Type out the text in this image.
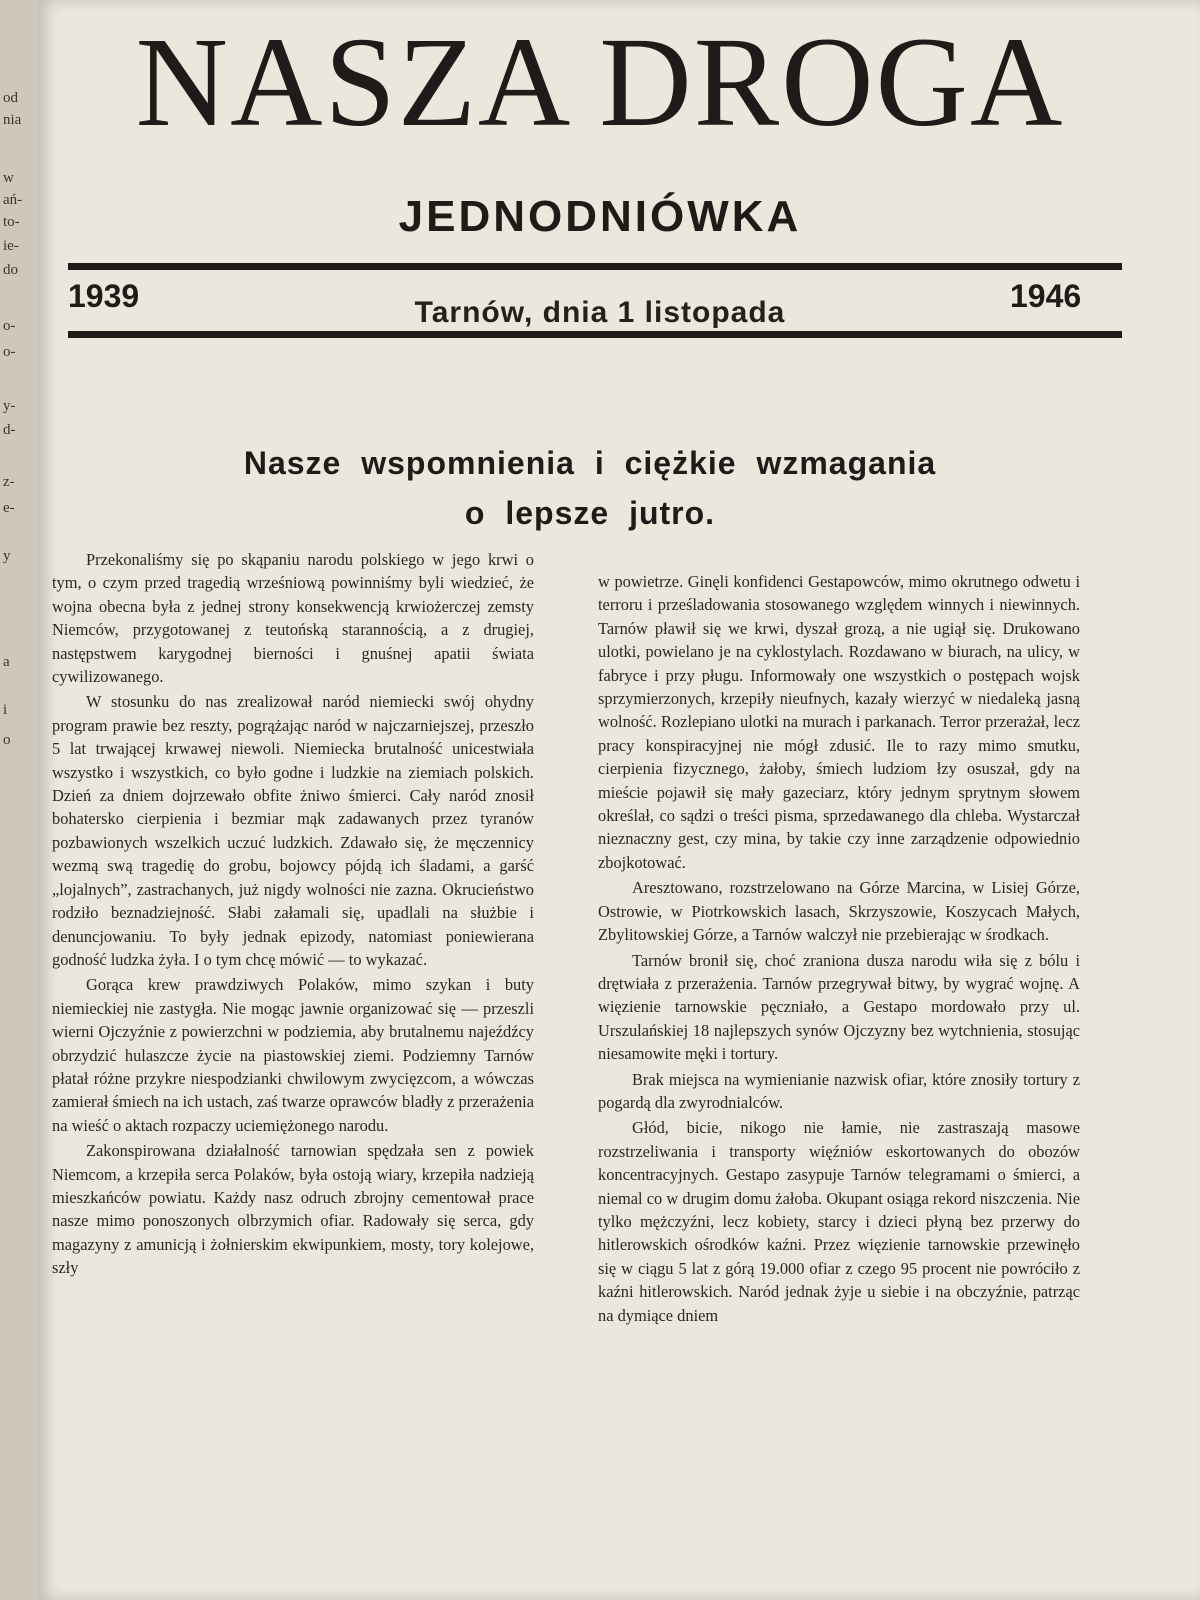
od
nia
w
ań-
to-
ie-
do
o-
o-
y-
d-
z-
e-
y
a
i
o
NASZA DROGA
JEDNODNIÓWKA
1939	Tarnów, dnia 1 listopada	1946
Nasze wspomnienia i ciężkie wzmagania
o lepsze jutro.

Przekonaliśmy się po skąpaniu narodu polskiego w jego krwi o tym, o czym przed tragedią wrześniową powinniśmy byli wiedzieć, że wojna obecna była z jednej strony konsekwencją krwiożerczej zemsty Niemców, przygotowanej z teutońską starannością, a z drugiej, następstwem karygodnej bierności i gnuśnej apatii świata cywilizowanego.

W stosunku do nas zrealizował naród niemiecki swój ohydny program prawie bez reszty, pogrążając naród w najczarniejszej, przeszło 5 lat trwającej krwawej niewoli. Niemiecka brutalność unicestwiała wszystko i wszystkich, co było godne i ludzkie na ziemiach polskich. Dzień za dniem dojrzewało obfite żniwo śmierci. Cały naród znosił bohatersko cierpienia i bezmiar mąk zadawanych przez tyranów pozbawionych wszelkich uczuć ludzkich. Zdawało się, że męczennicy wezmą swą tragedię do grobu, bojowcy pójdą ich śladami, a garść „lojalnych”, zastrachanych, już nigdy wolności nie zazna. Okrucieństwo rodziło beznadziejność. Słabi załamali się, upadlali na służbie i denuncjowaniu. To były jednak epizody, natomiast poniewierana godność ludzka żyła. I o tym chcę mówić — to wykazać.

Gorąca krew prawdziwych Polaków, mimo szykan i buty niemieckiej nie zastygła. Nie mogąc jawnie organizować się — przeszli wierni Ojczyźnie z powierzchni w podziemia, aby brutalnemu najeźdźcy obrzydzić hulaszcze życie na piastowskiej ziemi. Podziemny Tarnów płatał różne przykre niespodzianki chwilowym zwycięzcom, a wówczas zamierał śmiech na ich ustach, zaś twarze oprawców bladły z przerażenia na wieść o aktach rozpaczy uciemiężonego narodu.

Zakonspirowana działalność tarnowian spędzała sen z powiek Niemcom, a krzepiła serca Polaków, była ostoją wiary, krzepiła nadzieją mieszkańców powiatu. Każdy nasz odruch zbrojny cementował prace nasze mimo ponoszonych olbrzymich ofiar. Radowały się serca, gdy magazyny z amunicją i żołnierskim ekwipunkiem, mosty, tory kolejowe, szły

w powietrze. Ginęli konfidenci Gestapowców, mimo okrutnego odwetu i terroru i prześladowania stosowanego względem winnych i niewinnych. Tarnów pławił się we krwi, dyszał grozą, a nie ugiął się. Drukowano ulotki, powielano je na cyklostylach. Rozdawano w biurach, na ulicy, w fabryce i przy pługu. Informowały one wszystkich o postępach wojsk sprzymierzonych, krzepiły nieufnych, kazały wierzyć w niedaleką jasną wolność. Rozlepiano ulotki na murach i parkanach. Terror przerażał, lecz pracy konspiracyjnej nie mógł zdusić. Ile to razy mimo smutku, cierpienia fizycznego, żałoby, śmiech ludziom łzy osuszał, gdy na mieście pojawił się mały gazeciarz, który jednym sprytnym słowem określał, co sądzi o treści pisma, sprzedawanego dla chleba. Wystarczał nieznaczny gest, czy mina, by takie czy inne zarządzenie odpowiednio zbojkotować.

Aresztowano, rozstrzelowano na Górze Marcina, w Lisiej Górze, Ostrowie, w Piotrkowskich lasach, Skrzyszowie, Koszycach Małych, Zbylitowskiej Górze, a Tarnów walczył nie przebierając w środkach.

Tarnów bronił się, choć zraniona dusza narodu wiła się z bólu i drętwiała z przerażenia. Tarnów przegrywał bitwy, by wygrać wojnę. A więzienie tarnowskie pęczniało, a Gestapo mordowało przy ul. Urszulańskiej 18 najlepszych synów Ojczyzny bez wytchnienia, stosując niesamowite męki i tortury.

Brak miejsca na wymienianie nazwisk ofiar, które znosiły tortury z pogardą dla zwyrodnialców.

Głód, bicie, nikogo nie łamie, nie zastraszają masowe rozstrzeliwania i transporty więźniów eskortowanych do obozów koncentracyjnych. Gestapo zasypuje Tarnów telegramami o śmierci, a niemal co w drugim domu żałoba. Okupant osiąga rekord niszczenia. Nie tylko mężczyźni, lecz kobiety, starcy i dzieci płyną bez przerwy do hitlerowskich ośrodków kaźni. Przez więzienie tarnowskie przewinęło się w ciągu 5 lat z górą 19.000 ofiar z czego 95 procent nie powróciło z kaźni hitlerowskich. Naród jednak żyje u siebie i na obczyźnie, patrząc na dymiące dniem
